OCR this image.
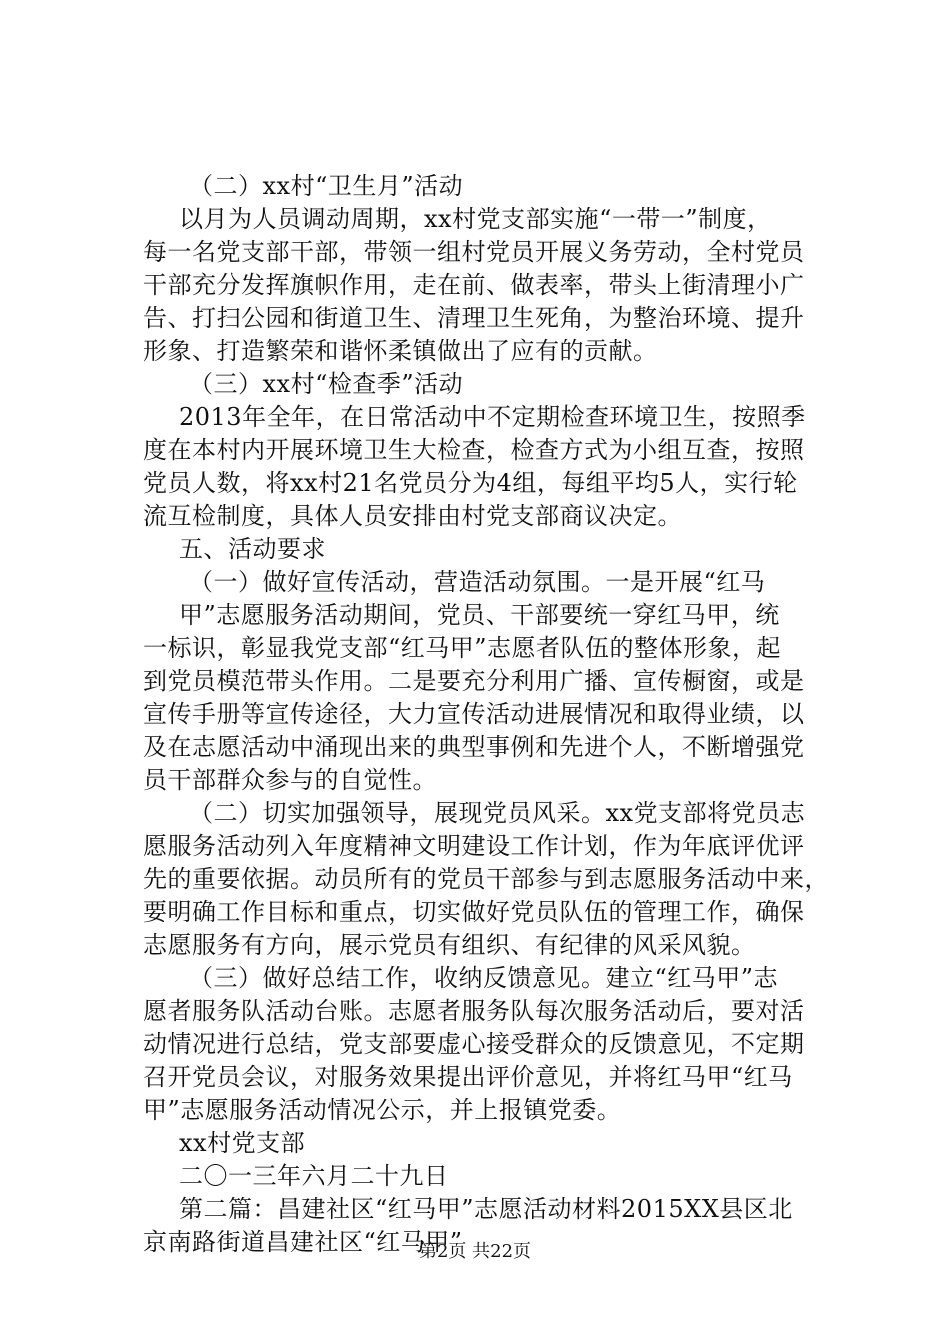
（二）xx村“卫生月”活动
以月为人员调动周期，xx村党支部实施“一带一”制度，
每一名党支部干部，带领一组村党员开展义务劳动，全村党员
干部充分发挥旗帜作用，走在前、做表率，带头上街清理小广
告、打扫公园和街道卫生、清理卫生死角，为整治环境、提升
形象、打造繁荣和谐怀柔镇做出了应有的贡献。
（三）xx村“检查季”活动
2013年全年，在日常活动中不定期检查环境卫生，按照季
度在本村内开展环境卫生大检查，检查方式为小组互查，按照
党员人数，将xx村21名党员分为4组，每组平均5人，实行轮
流互检制度，具体人员安排由村党支部商议决定。
五、活动要求
（一）做好宣传活动，营造活动氛围。一是开展“红马
甲”志愿服务活动期间，党员、干部要统一穿红马甲，统
一标识，彰显我党支部“红马甲”志愿者队伍的整体形象，起
到党员模范带头作用。二是要充分利用广播、宣传橱窗，或是
宣传手册等宣传途径，大力宣传活动进展情况和取得业绩，以
及在志愿活动中涌现出来的典型事例和先进个人，不断增强党
员干部群众参与的自觉性。
（二）切实加强领导，展现党员风采。xx党支部将党员志
愿服务活动列入年度精神文明建设工作计划，作为年底评优评
先的重要依据。动员所有的党员干部参与到志愿服务活动中来，
要明确工作目标和重点，切实做好党员队伍的管理工作，确保
志愿服务有方向，展示党员有组织、有纪律的风采风貌。
（三）做好总结工作，收纳反馈意见。建立“红马甲”志
愿者服务队活动台账。志愿者服务队每次服务活动后，要对活
动情况进行总结，党支部要虚心接受群众的反馈意见，不定期
召开党员会议，对服务效果提出评价意见，并将红马甲“红马
甲”志愿服务活动情况公示，并上报镇党委。
xx村党支部
二〇一三年六月二十九日
第二篇：昌建社区“红马甲”志愿活动材料2015XX县区北
京南路街道昌建社区“红马甲”
第2页 共22页
